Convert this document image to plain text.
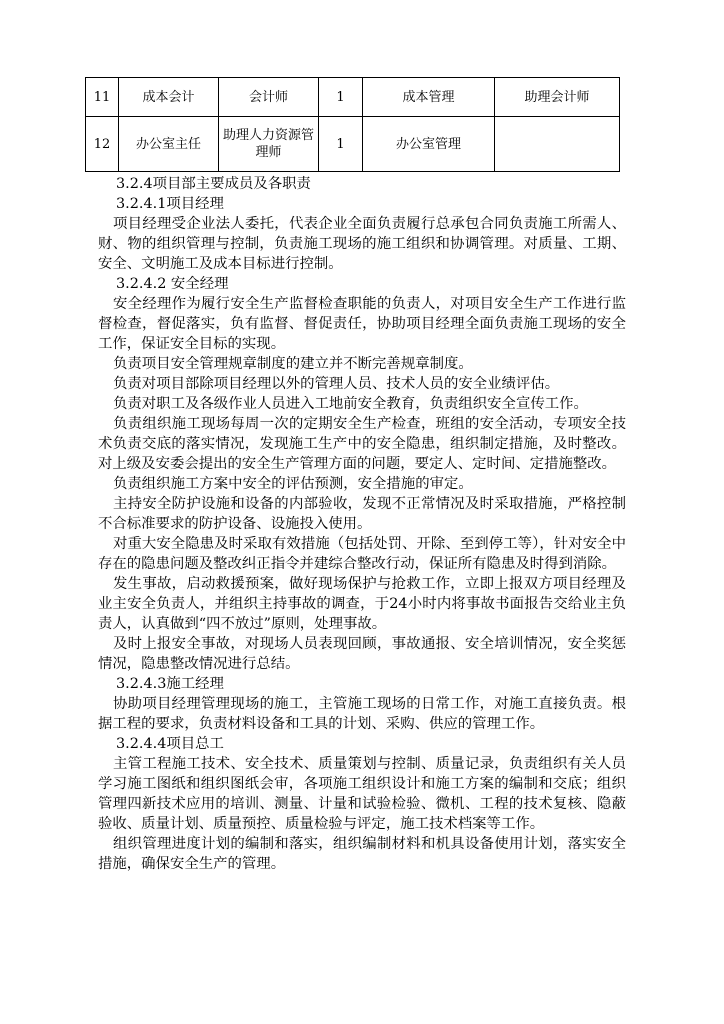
11	成本会计	会计师	1	成本管理	助理会计师
12	办公室主任	助理人力资源管理师	1	办公室管理	

3.2.4项目部主要成员及各职责

3.2.4.1项目经理

项目经理受企业法人委托，代表企业全面负责履行总承包合同负责施工所需人、财、物的组织管理与控制，负责施工现场的施工组织和协调管理。对质量、工期、安全、文明施工及成本目标进行控制。

3.2.4.2 安全经理

安全经理作为履行安全生产监督检查职能的负责人，对项目安全生产工作进行监督检查，督促落实，负有监督、督促责任，协助项目经理全面负责施工现场的安全工作，保证安全目标的实现。

负责项目安全管理规章制度的建立并不断完善规章制度。

负责对项目部除项目经理以外的管理人员、技术人员的安全业绩评估。

负责对职工及各级作业人员进入工地前安全教育，负责组织安全宣传工作。

负责组织施工现场每周一次的定期安全生产检查，班组的安全活动，专项安全技术负责交底的落实情况，发现施工生产中的安全隐患，组织制定措施，及时整改。对上级及安委会提出的安全生产管理方面的问题，要定人、定时间、定措施整改。

负责组织施工方案中安全的评估预测，安全措施的审定。

主持安全防护设施和设备的内部验收，发现不正常情况及时采取措施，严格控制不合标准要求的防护设备、设施投入使用。

对重大安全隐患及时采取有效措施（包括处罚、开除、至到停工等），针对安全中存在的隐患问题及整改纠正指令并建综合整改行动，保证所有隐患及时得到消除。

发生事故，启动救援预案，做好现场保护与抢救工作，立即上报双方项目经理及业主安全负责人，并组织主持事故的调查，于24小时内将事故书面报告交给业主负责人，认真做到“四不放过”原则，处理事故。

及时上报安全事故，对现场人员表现回顾，事故通报、安全培训情况，安全奖惩情况，隐患整改情况进行总结。

3.2.4.3施工经理

协助项目经理管理现场的施工，主管施工现场的日常工作，对施工直接负责。根据工程的要求，负责材料设备和工具的计划、采购、供应的管理工作。

3.2.4.4项目总工

主管工程施工技术、安全技术、质量策划与控制、质量记录，负责组织有关人员学习施工图纸和组织图纸会审，各项施工组织设计和施工方案的编制和交底；组织管理四新技术应用的培训、测量、计量和试验检验、微机、工程的技术复核、隐蔽验收、质量计划、质量预控、质量检验与评定，施工技术档案等工作。

组织管理进度计划的编制和落实，组织编制材料和机具设备使用计划，落实安全措施，确保安全生产的管理。
